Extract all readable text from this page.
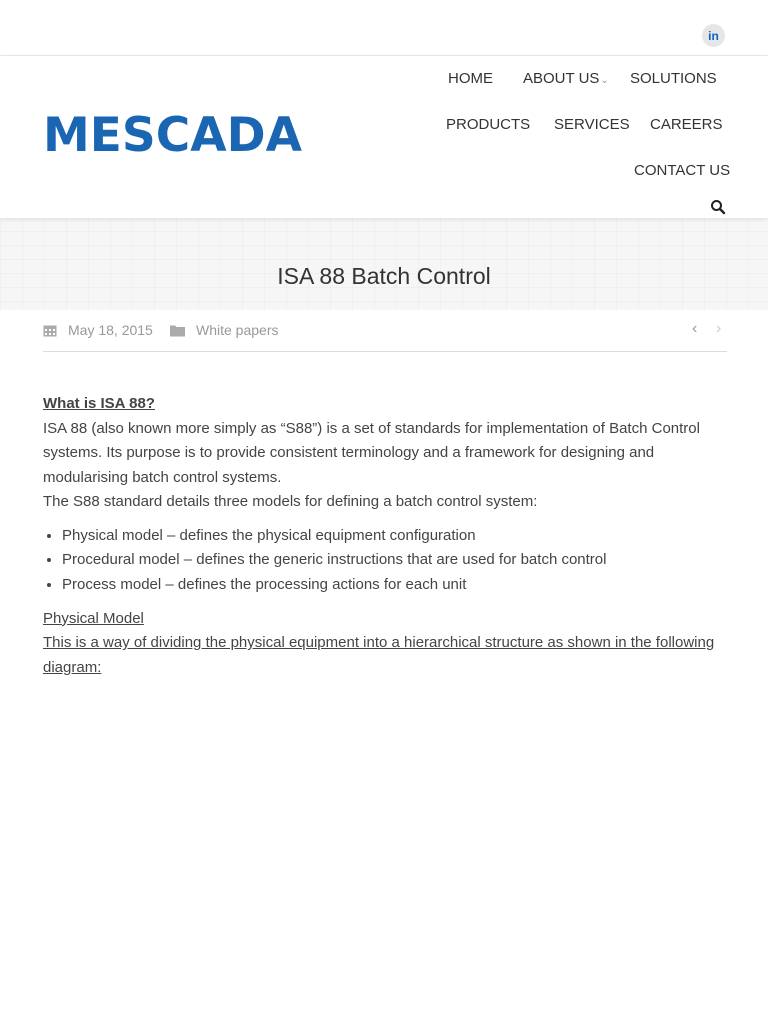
in
MESCADA
HOME ABOUT US⌄ SOLUTIONS
PRODUCTS SERVICES CAREERS
CONTACT US
ISA 88 Batch Control
May 18, 2015	White papers	‹ ›

What is ISA 88?

ISA 88 (also known more simply as “S88”) is a set of standards for implementation of Batch Control systems. Its purpose is to provide consistent terminology and a framework for designing and modularising batch control systems.

The S88 standard details three models for defining a batch control system:

• Physical model – defines the physical equipment configuration
• Procedural model – defines the generic instructions that are used for batch control
• Process model – defines the processing actions for each unit

Physical Model

This is a way of dividing the physical equipment into a hierarchical structure as shown in the following diagram:
